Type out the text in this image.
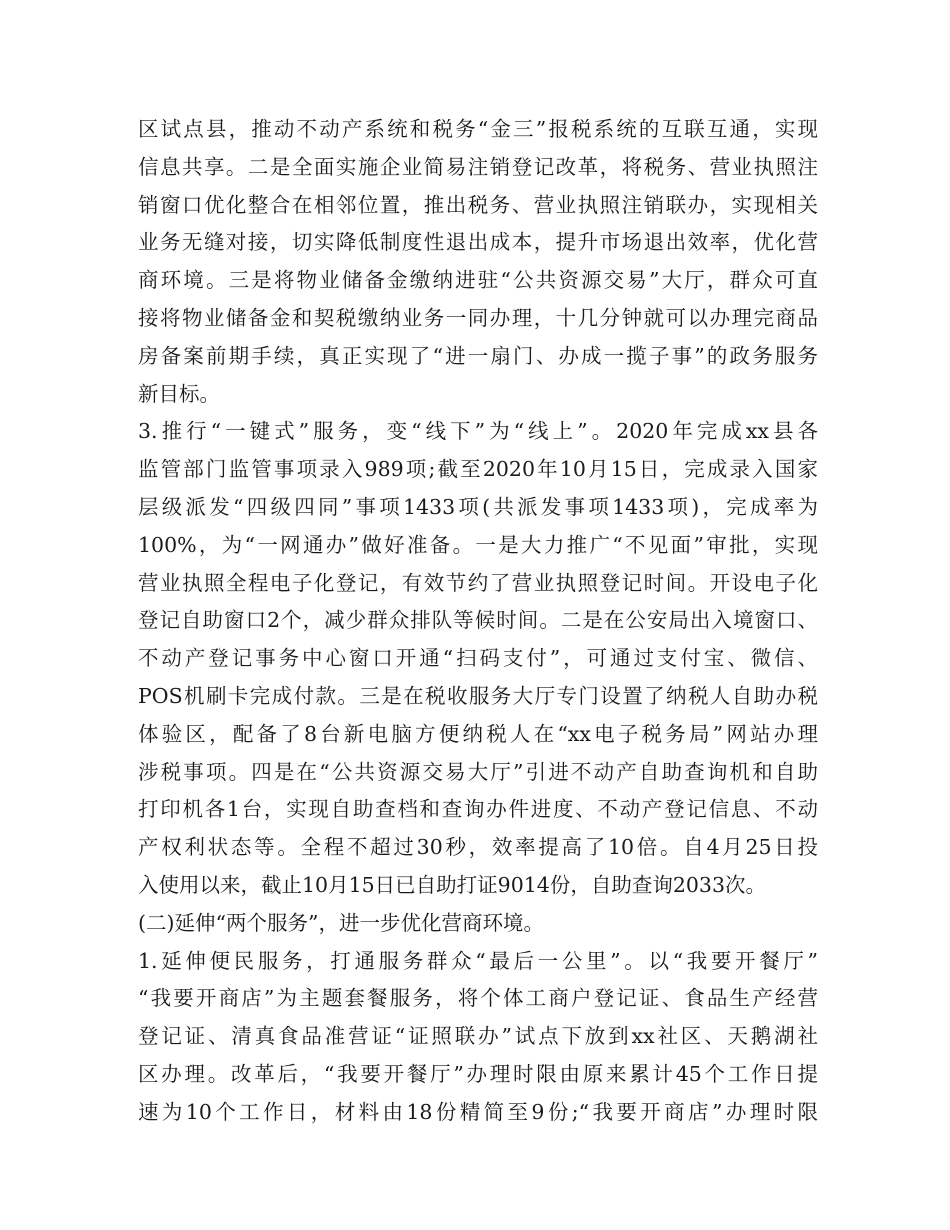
区试点县，推动不动产系统和税务“金三”报税系统的互联互通，实现
信息共享。二是全面实施企业简易注销登记改革，将税务、营业执照注
销窗口优化整合在相邻位置，推出税务、营业执照注销联办，实现相关
业务无缝对接，切实降低制度性退出成本，提升市场退出效率，优化营
商环境。三是将物业储备金缴纳进驻“公共资源交易”大厅，群众可直
接将物业储备金和契税缴纳业务一同办理，十几分钟就可以办理完商品
房备案前期手续，真正实现了“进一扇门、办成一揽子事”的政务服务
新目标。
3.推行“一键式”服务，变“线下”为“线上”。2020年完成xx县各
监管部门监管事项录入989项;截至2020年10月15日，完成录入国家
层级派发“四级四同”事项1433项(共派发事项1433项)，完成率为
100%，为“一网通办”做好准备。一是大力推广“不见面”审批，实现
营业执照全程电子化登记，有效节约了营业执照登记时间。开设电子化
登记自助窗口2个，减少群众排队等候时间。二是在公安局出入境窗口、
不动产登记事务中心窗口开通“扫码支付”，可通过支付宝、微信、
POS机刷卡完成付款。三是在税收服务大厅专门设置了纳税人自助办税
体验区，配备了8台新电脑方便纳税人在“xx电子税务局”网站办理
涉税事项。四是在“公共资源交易大厅”引进不动产自助查询机和自助
打印机各1台，实现自助查档和查询办件进度、不动产登记信息、不动
产权利状态等。全程不超过30秒，效率提高了10倍。自4月25日投
入使用以来，截止10月15日已自助打证9014份，自助查询2033次。
(二)延伸“两个服务”，进一步优化营商环境。
1.延伸便民服务，打通服务群众“最后一公里”。以“我要开餐厅”
“我要开商店”为主题套餐服务，将个体工商户登记证、食品生产经营
登记证、清真食品准营证“证照联办”试点下放到xx社区、天鹅湖社
区办理。改革后，“我要开餐厅”办理时限由原来累计45个工作日提
速为10个工作日，材料由18份精简至9份;“我要开商店”办理时限
